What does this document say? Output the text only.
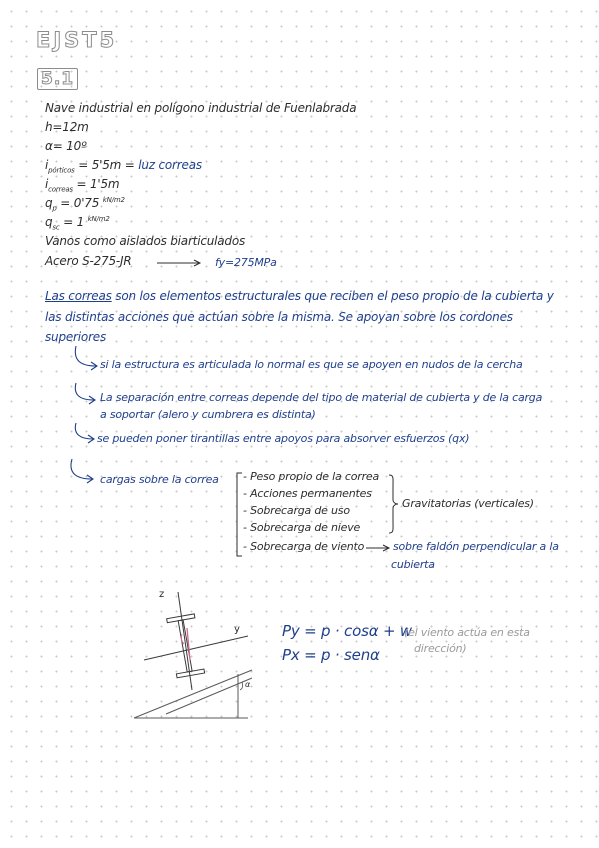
EJST5
5.1
Nave industrial en polígono industrial de Fuenlabrada
h=12m
α= 10º
$i_{pórticos} = 5'5m$ = luz correas
$i_{correas} = 1'5m$
$q_p = 0'75$ $^{kN/m2}$
$q_{sc} = 1$ $^{kN/m2}$
Vanos como aislados biarticulados
Acero S-275-JR	fy=275MPa
Las correas son los elementos estructurales que reciben el peso propio de la cubierta y
las distintas acciones que actúan sobre la misma. Se apoyan sobre los cordones
superiores
si la estructura es articulada lo normal es que se apoyen en nudos de la cercha
La separación entre correas depende del tipo de material de cubierta y de la carga
a soportar (alero y cumbrera es distinta)
se pueden poner tirantillas entre apoyos para absorver esfuerzos (qx)
cargas sobre la correa - Peso propio de la correa
- Acciones permanentes
- Sobrecarga de uso
- Sobrecarga de nieve
- Sobrecarga de viento
Gravitatorias (verticales)
sobre faldón perpendicular a la
cubierta
z
y
α
Py = p · cosα + w
Px = p · senα
(el viento actúa en esta
dirección)
